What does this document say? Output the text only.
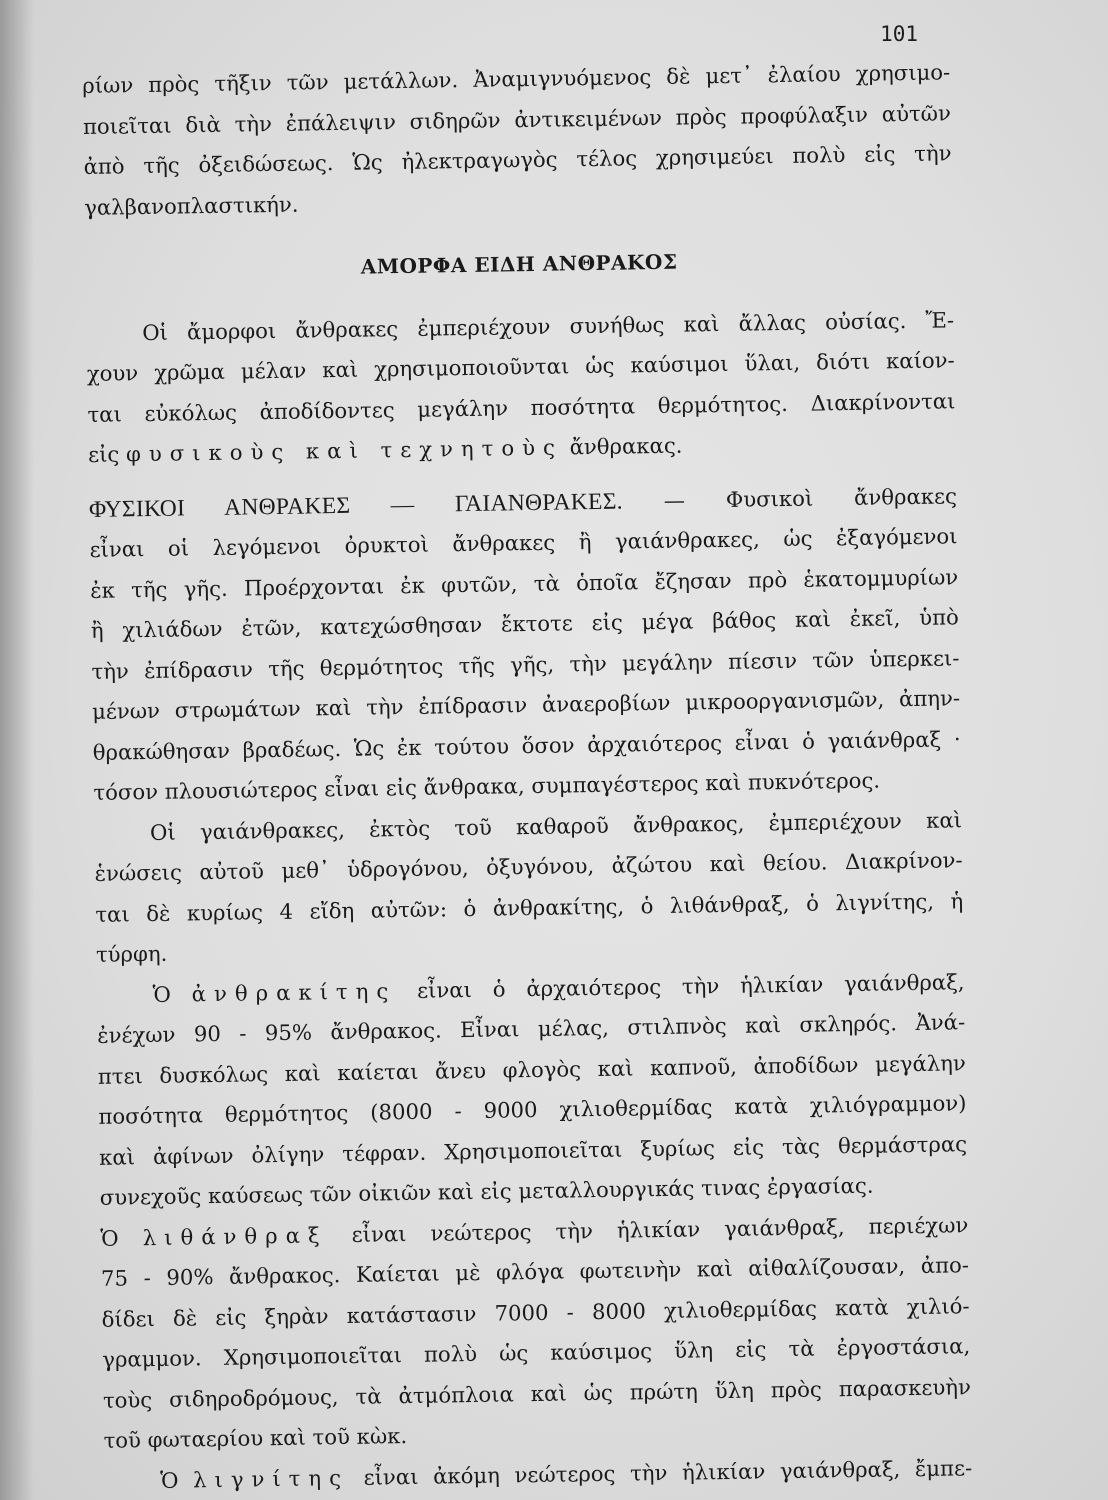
101
ρίων πρὸς τῆξιν τῶν μετάλλων. Ἀναμιγνυόμενος δὲ μετ᾽ ἐλαίου χρησιμο-
ποιεῖται διὰ τὴν ἐπάλειψιν σιδηρῶν ἀντικειμένων πρὸς προφύλαξιν αὐτῶν
ἀπὸ τῆς ὀξειδώσεως. Ὡς ἠλεκτραγωγὸς τέλος χρησιμεύει πολὺ εἰς τὴν
γαλβανοπλαστικήν.
ΑΜΟΡΦΑ ΕΙΔΗ ΑΝΘΡΑΚΟΣ
Οἱ ἄμορφοι ἄνθρακες ἐμπεριέχουν συνήθως καὶ ἄλλας οὐσίας. Ἔ-
χουν χρῶμα μέλαν καὶ χρησιμοποιοῦνται ὡς καύσιμοι ὕλαι, διότι καίον-
ται εὐκόλως ἀποδίδοντες μεγάλην ποσότητα θερμότητος. Διακρίνονται
εἰς φυσικοὺς καὶ τεχνητοὺς ἄνθρακας.
ΦΥΣΙΚΟΙ ΑΝΘΡΑΚΕΣ — ΓΑΙΑΝΘΡΑΚΕΣ. — Φυσικοὶ ἄνθρακες
εἶναι οἱ λεγόμενοι ὀρυκτοὶ ἄνθρακες ἢ γαιάνθρακες, ὡς ἐξαγόμενοι
ἐκ τῆς γῆς. Προέρχονται ἐκ φυτῶν, τὰ ὁποῖα ἔζησαν πρὸ ἑκατομμυρίων
ἢ χιλιάδων ἐτῶν, κατεχώσθησαν ἔκτοτε εἰς μέγα βάθος καὶ ἐκεῖ, ὑπὸ
τὴν ἐπίδρασιν τῆς θερμότητος τῆς γῆς, τὴν μεγάλην πίεσιν τῶν ὑπερκει-
μένων στρωμάτων καὶ τὴν ἐπίδρασιν ἀναεροβίων μικροοργανισμῶν, ἀπην-
θρακώθησαν βραδέως. Ὡς ἐκ τούτου ὅσον ἀρχαιότερος εἶναι ὁ γαιάνθραξ ·
τόσον πλουσιώτερος εἶναι εἰς ἄνθρακα, συμπαγέστερος καὶ πυκνότερος.
Οἱ γαιάνθρακες, ἐκτὸς τοῦ καθαροῦ ἄνθρακος, ἐμπεριέχουν καὶ
ἑνώσεις αὐτοῦ μεθ᾽ ὑδρογόνου, ὀξυγόνου, ἀζώτου καὶ θείου. Διακρίνον-
ται δὲ κυρίως 4 εἴδη αὐτῶν: ὁ ἀνθρακίτης, ὁ λιθάνθραξ, ὁ λιγνίτης, ἡ
τύρφη.
Ὁ ἀνθρακίτης εἶναι ὁ ἀρχαιότερος τὴν ἡλικίαν γαιάνθραξ,
ἐνέχων 90 - 95% ἄνθρακος. Εἶναι μέλας, στιλπνὸς καὶ σκληρός. Ἀνά-
πτει δυσκόλως καὶ καίεται ἄνευ φλογὸς καὶ καπνοῦ, ἀποδίδων μεγάλην
ποσότητα θερμότητος (8000 - 9000 χιλιοθερμίδας κατὰ χιλιόγραμμον)
καὶ ἀφίνων ὀλίγην τέφραν. Χρησιμοποιεῖται ξυρίως εἰς τὰς θερμάστρας
συνεχοῦς καύσεως τῶν οἰκιῶν καὶ εἰς μεταλλουργικάς τινας ἐργασίας.
Ὁ λιθάνθραξ εἶναι νεώτερος τὴν ἡλικίαν γαιάνθραξ, περιέχων
75 - 90% ἄνθρακος. Καίεται μὲ φλόγα φωτεινὴν καὶ αἰθαλίζουσαν, ἀπο-
δίδει δὲ εἰς ξηρὰν κατάστασιν 7000 - 8000 χιλιοθερμίδας κατὰ χιλιό-
γραμμον. Χρησιμοποιεῖται πολὺ ὡς καύσιμος ὕλη εἰς τὰ ἐργοστάσια,
τοὺς σιδηροδρόμους, τὰ ἀτμόπλοια καὶ ὡς πρώτη ὕλη πρὸς παρασκευὴν
τοῦ φωταερίου καὶ τοῦ κὼκ.
Ὁ λιγνίτης εἶναι ἀκόμη νεώτερος τὴν ἡλικίαν γαιάνθραξ, ἔμπε-
